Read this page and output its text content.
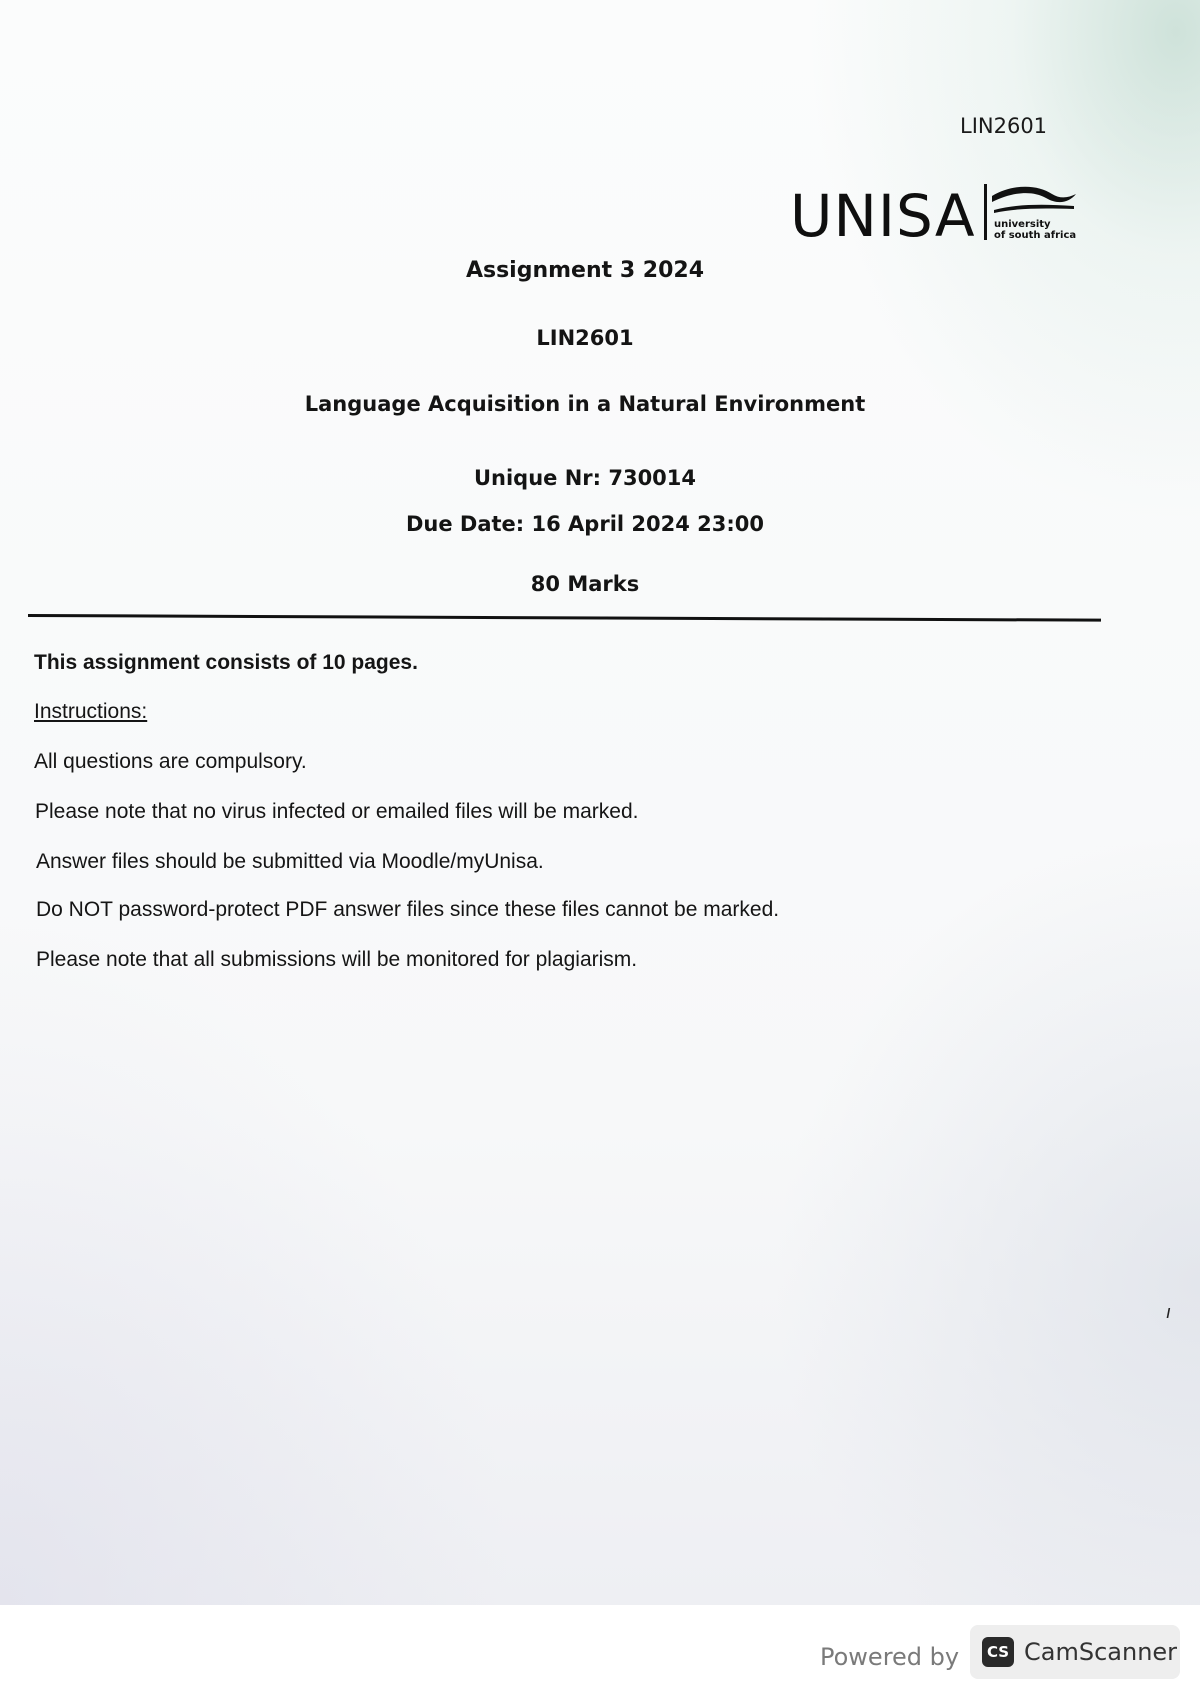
LIN2601
UNISA university
of south africa
Assignment 3 2024
LIN2601
Language Acquisition in a Natural Environment
Unique Nr: 730014
Due Date: 16 April 2024 23:00
80 Marks
This assignment consists of 10 pages.
Instructions:
All questions are compulsory.
Please note that no virus infected or emailed files will be marked.
Answer files should be submitted via Moodle/myUnisa.
Do NOT password-protect PDF answer files since these files cannot be marked.
Please note that all submissions will be monitored for plagiarism.
ı
Powered by	CS CamScanner
